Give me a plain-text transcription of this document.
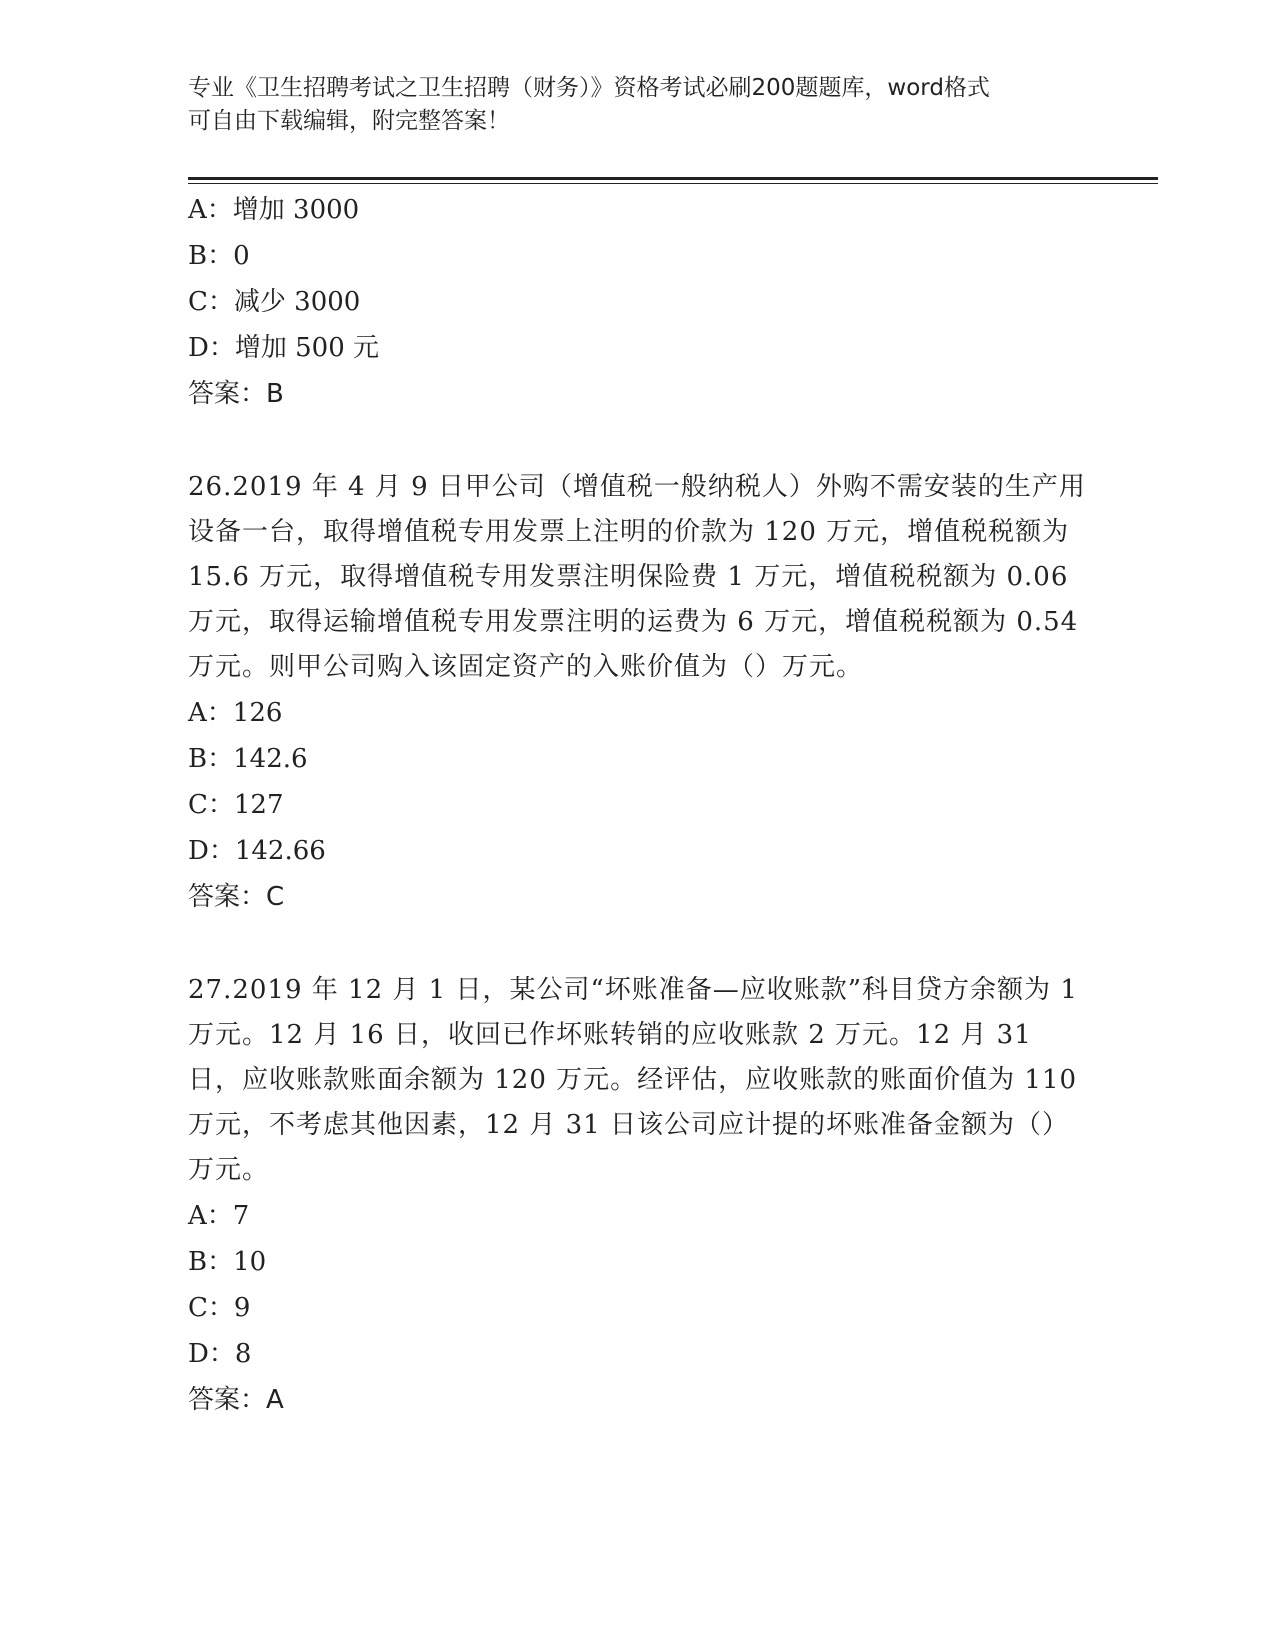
专业《卫生招聘考试之卫生招聘（财务）》资格考试必刷200题题库，word格式
可自由下载编辑，附完整答案！
A：增加 3000
B：0
C：减少 3000
D：增加 500 元
答案：B
26.2019 年 4 月 9 日甲公司（增值税一般纳税人）外购不需安装的生产用设备一台，取得增值税专用发票上注明的价款为 120 万元，增值税税额为 15.6 万元，取得增值税专用发票注明保险费 1 万元，增值税税额为 0.06 万元，取得运输增值税专用发票注明的运费为 6 万元，增值税税额为 0.54 万元。则甲公司购入该固定资产的入账价值为（）万元。
A：126
B：142.6
C：127
D：142.66
答案：C
27.2019 年 12 月 1 日，某公司“坏账准备—应收账款”科目贷方余额为 1 万元。12 月 16 日，收回已作坏账转销的应收账款 2 万元。12 月 31 日，应收账款账面余额为 120 万元。经评估，应收账款的账面价值为 110 万元，不考虑其他因素，12 月 31 日该公司应计提的坏账准备金额为（）万元。
A：7
B：10
C：9
D：8
答案：A
